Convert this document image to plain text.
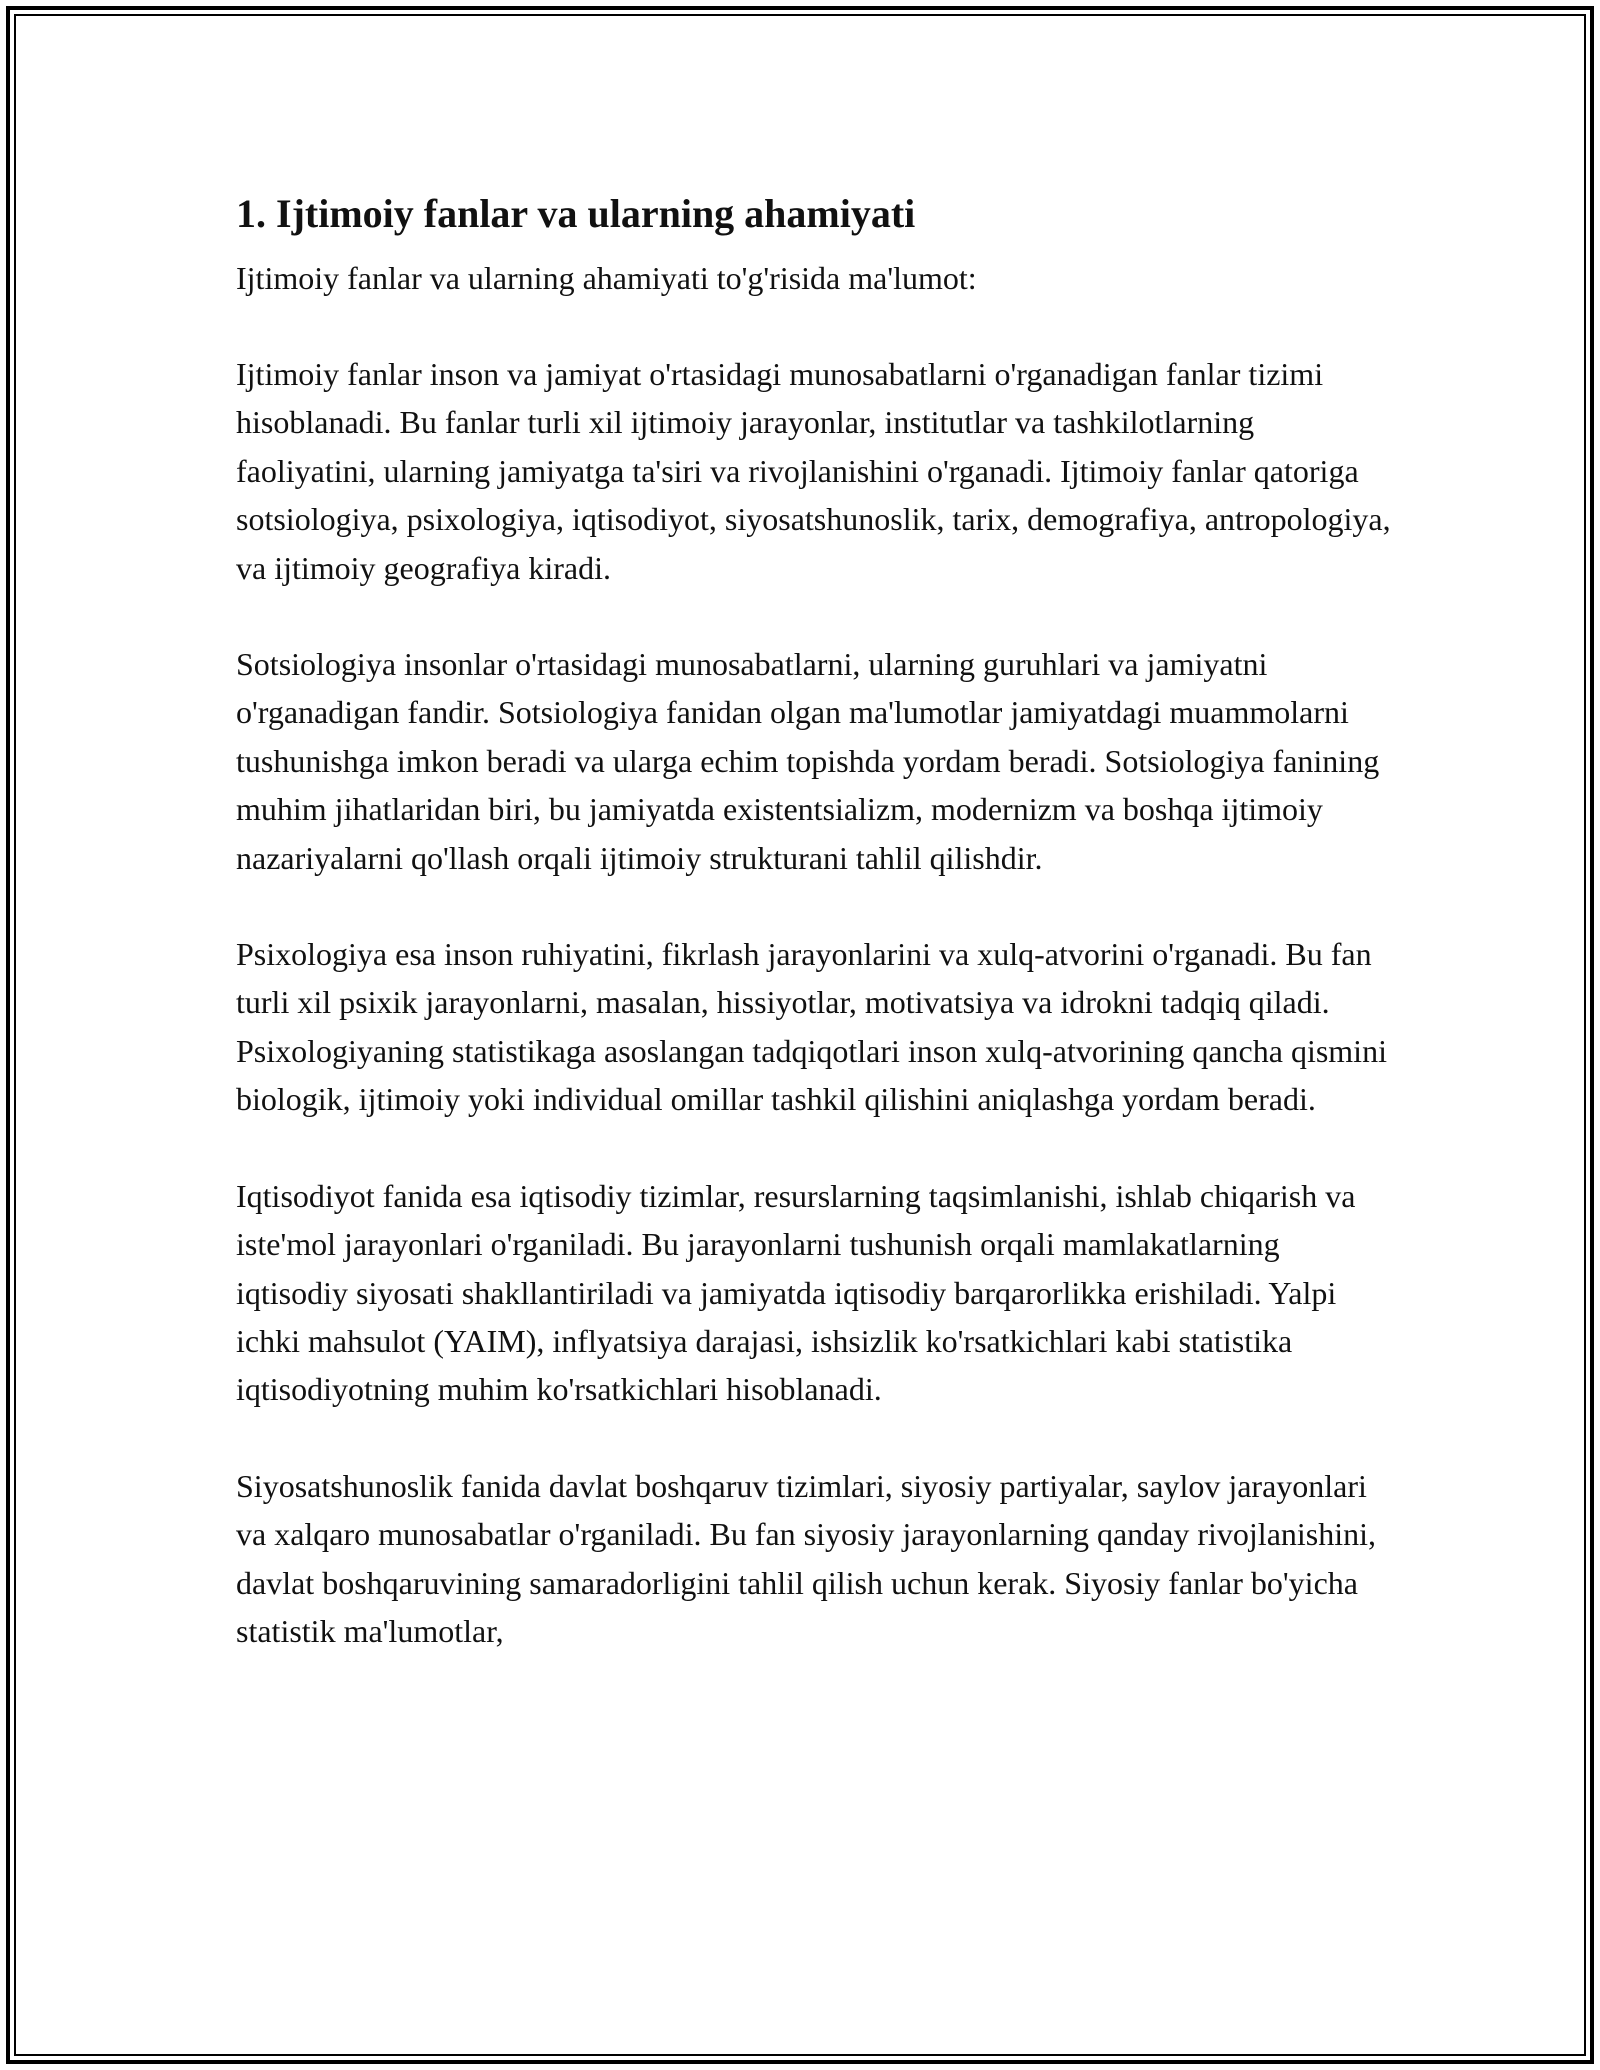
1. Ijtimoiy fanlar va ularning ahamiyati

Ijtimoiy fanlar va ularning ahamiyati to'g'risida ma'lumot:

Ijtimoiy fanlar inson va jamiyat o'rtasidagi munosabatlarni o'rganadigan fanlar tizimi hisoblanadi. Bu fanlar turli xil ijtimoiy jarayonlar, institutlar va tashkilotlarning faoliyatini, ularning jamiyatga ta'siri va rivojlanishini o'rganadi. Ijtimoiy fanlar qatoriga sotsiologiya, psixologiya, iqtisodiyot, siyosatshunoslik, tarix, demografiya, antropologiya, va ijtimoiy geografiya kiradi.

Sotsiologiya insonlar o'rtasidagi munosabatlarni, ularning guruhlari va jamiyatni o'rganadigan fandir. Sotsiologiya fanidan olgan ma'lumotlar jamiyatdagi muammolarni tushunishga imkon beradi va ularga echim topishda yordam beradi. Sotsiologiya fanining muhim jihatlaridan biri, bu jamiyatda existentsializm, modernizm va boshqa ijtimoiy nazariyalarni qo'llash orqali ijtimoiy strukturani tahlil qilishdir.

Psixologiya esa inson ruhiyatini, fikrlash jarayonlarini va xulq-atvorini o'rganadi. Bu fan turli xil psixik jarayonlarni, masalan, hissiyotlar, motivatsiya va idrokni tadqiq qiladi. Psixologiyaning statistikaga asoslangan tadqiqotlari inson xulq-atvorining qancha qismini biologik, ijtimoiy yoki individual omillar tashkil qilishini aniqlashga yordam beradi.

Iqtisodiyot fanida esa iqtisodiy tizimlar, resurslarning taqsimlanishi, ishlab chiqarish va iste'mol jarayonlari o'rganiladi. Bu jarayonlarni tushunish orqali mamlakatlarning iqtisodiy siyosati shakllantiriladi va jamiyatda iqtisodiy barqarorlikka erishiladi. Yalpi ichki mahsulot (YAIM), inflyatsiya darajasi, ishsizlik ko'rsatkichlari kabi statistika iqtisodiyotning muhim ko'rsatkichlari hisoblanadi.

Siyosatshunoslik fanida davlat boshqaruv tizimlari, siyosiy partiyalar, saylov jarayonlari va xalqaro munosabatlar o'rganiladi. Bu fan siyosiy jarayonlarning qanday rivojlanishini, davlat boshqaruvining samaradorligini tahlil qilish uchun kerak. Siyosiy fanlar bo'yicha statistik ma'lumotlar,
